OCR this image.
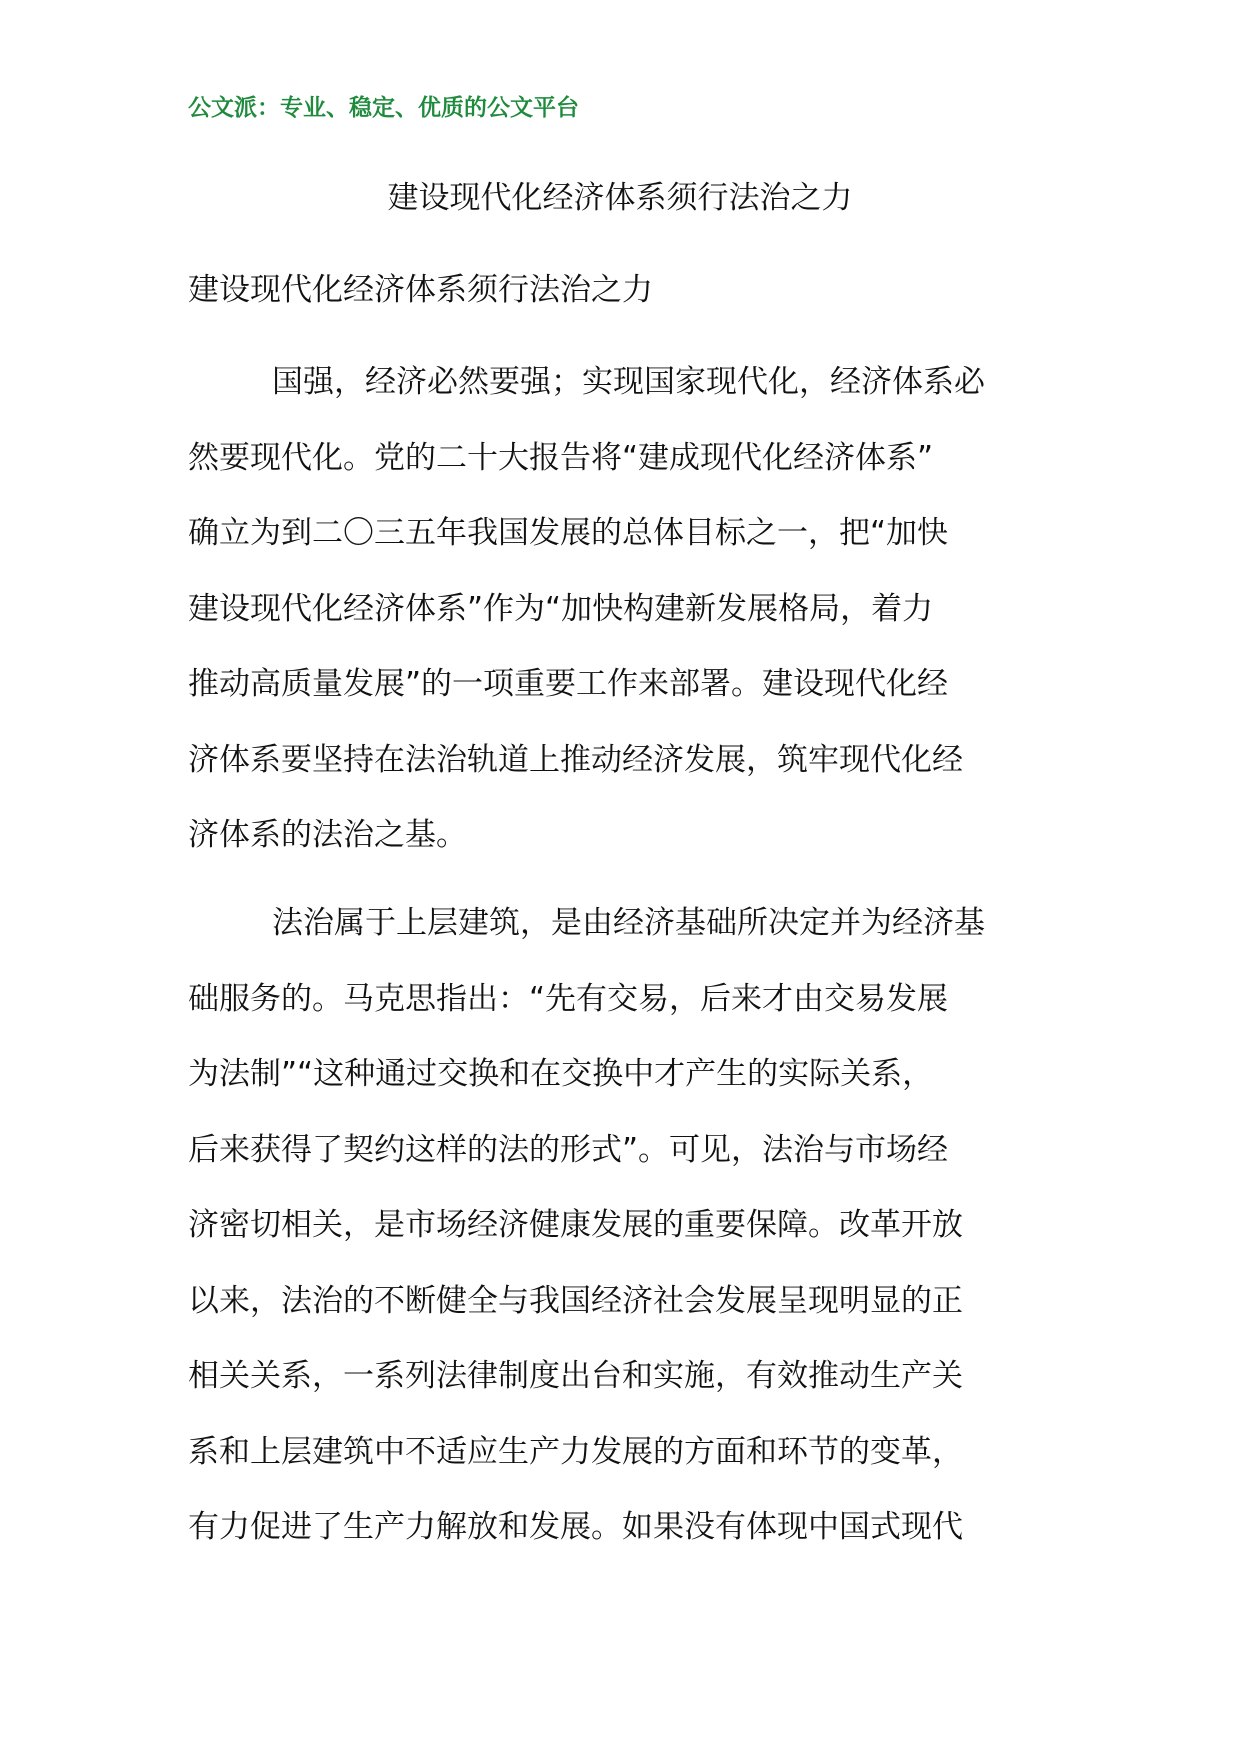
公文派：专业、稳定、优质的公文平台
建设现代化经济体系须行法治之力
建设现代化经济体系须行法治之力
国强，经济必然要强；实现国家现代化，经济体系必
然要现代化。党的二十大报告将“建成现代化经济体系”
确立为到二〇三五年我国发展的总体目标之一，把“加快
建设现代化经济体系”作为“加快构建新发展格局，着力
推动高质量发展”的一项重要工作来部署。建设现代化经
济体系要坚持在法治轨道上推动经济发展，筑牢现代化经
济体系的法治之基。
法治属于上层建筑，是由经济基础所决定并为经济基
础服务的。马克思指出：“先有交易，后来才由交易发展
为法制”“这种通过交换和在交换中才产生的实际关系，
后来获得了契约这样的法的形式”。可见，法治与市场经
济密切相关，是市场经济健康发展的重要保障。改革开放
以来，法治的不断健全与我国经济社会发展呈现明显的正
相关关系，一系列法律制度出台和实施，有效推动生产关
系和上层建筑中不适应生产力发展的方面和环节的变革，
有力促进了生产力解放和发展。如果没有体现中国式现代
